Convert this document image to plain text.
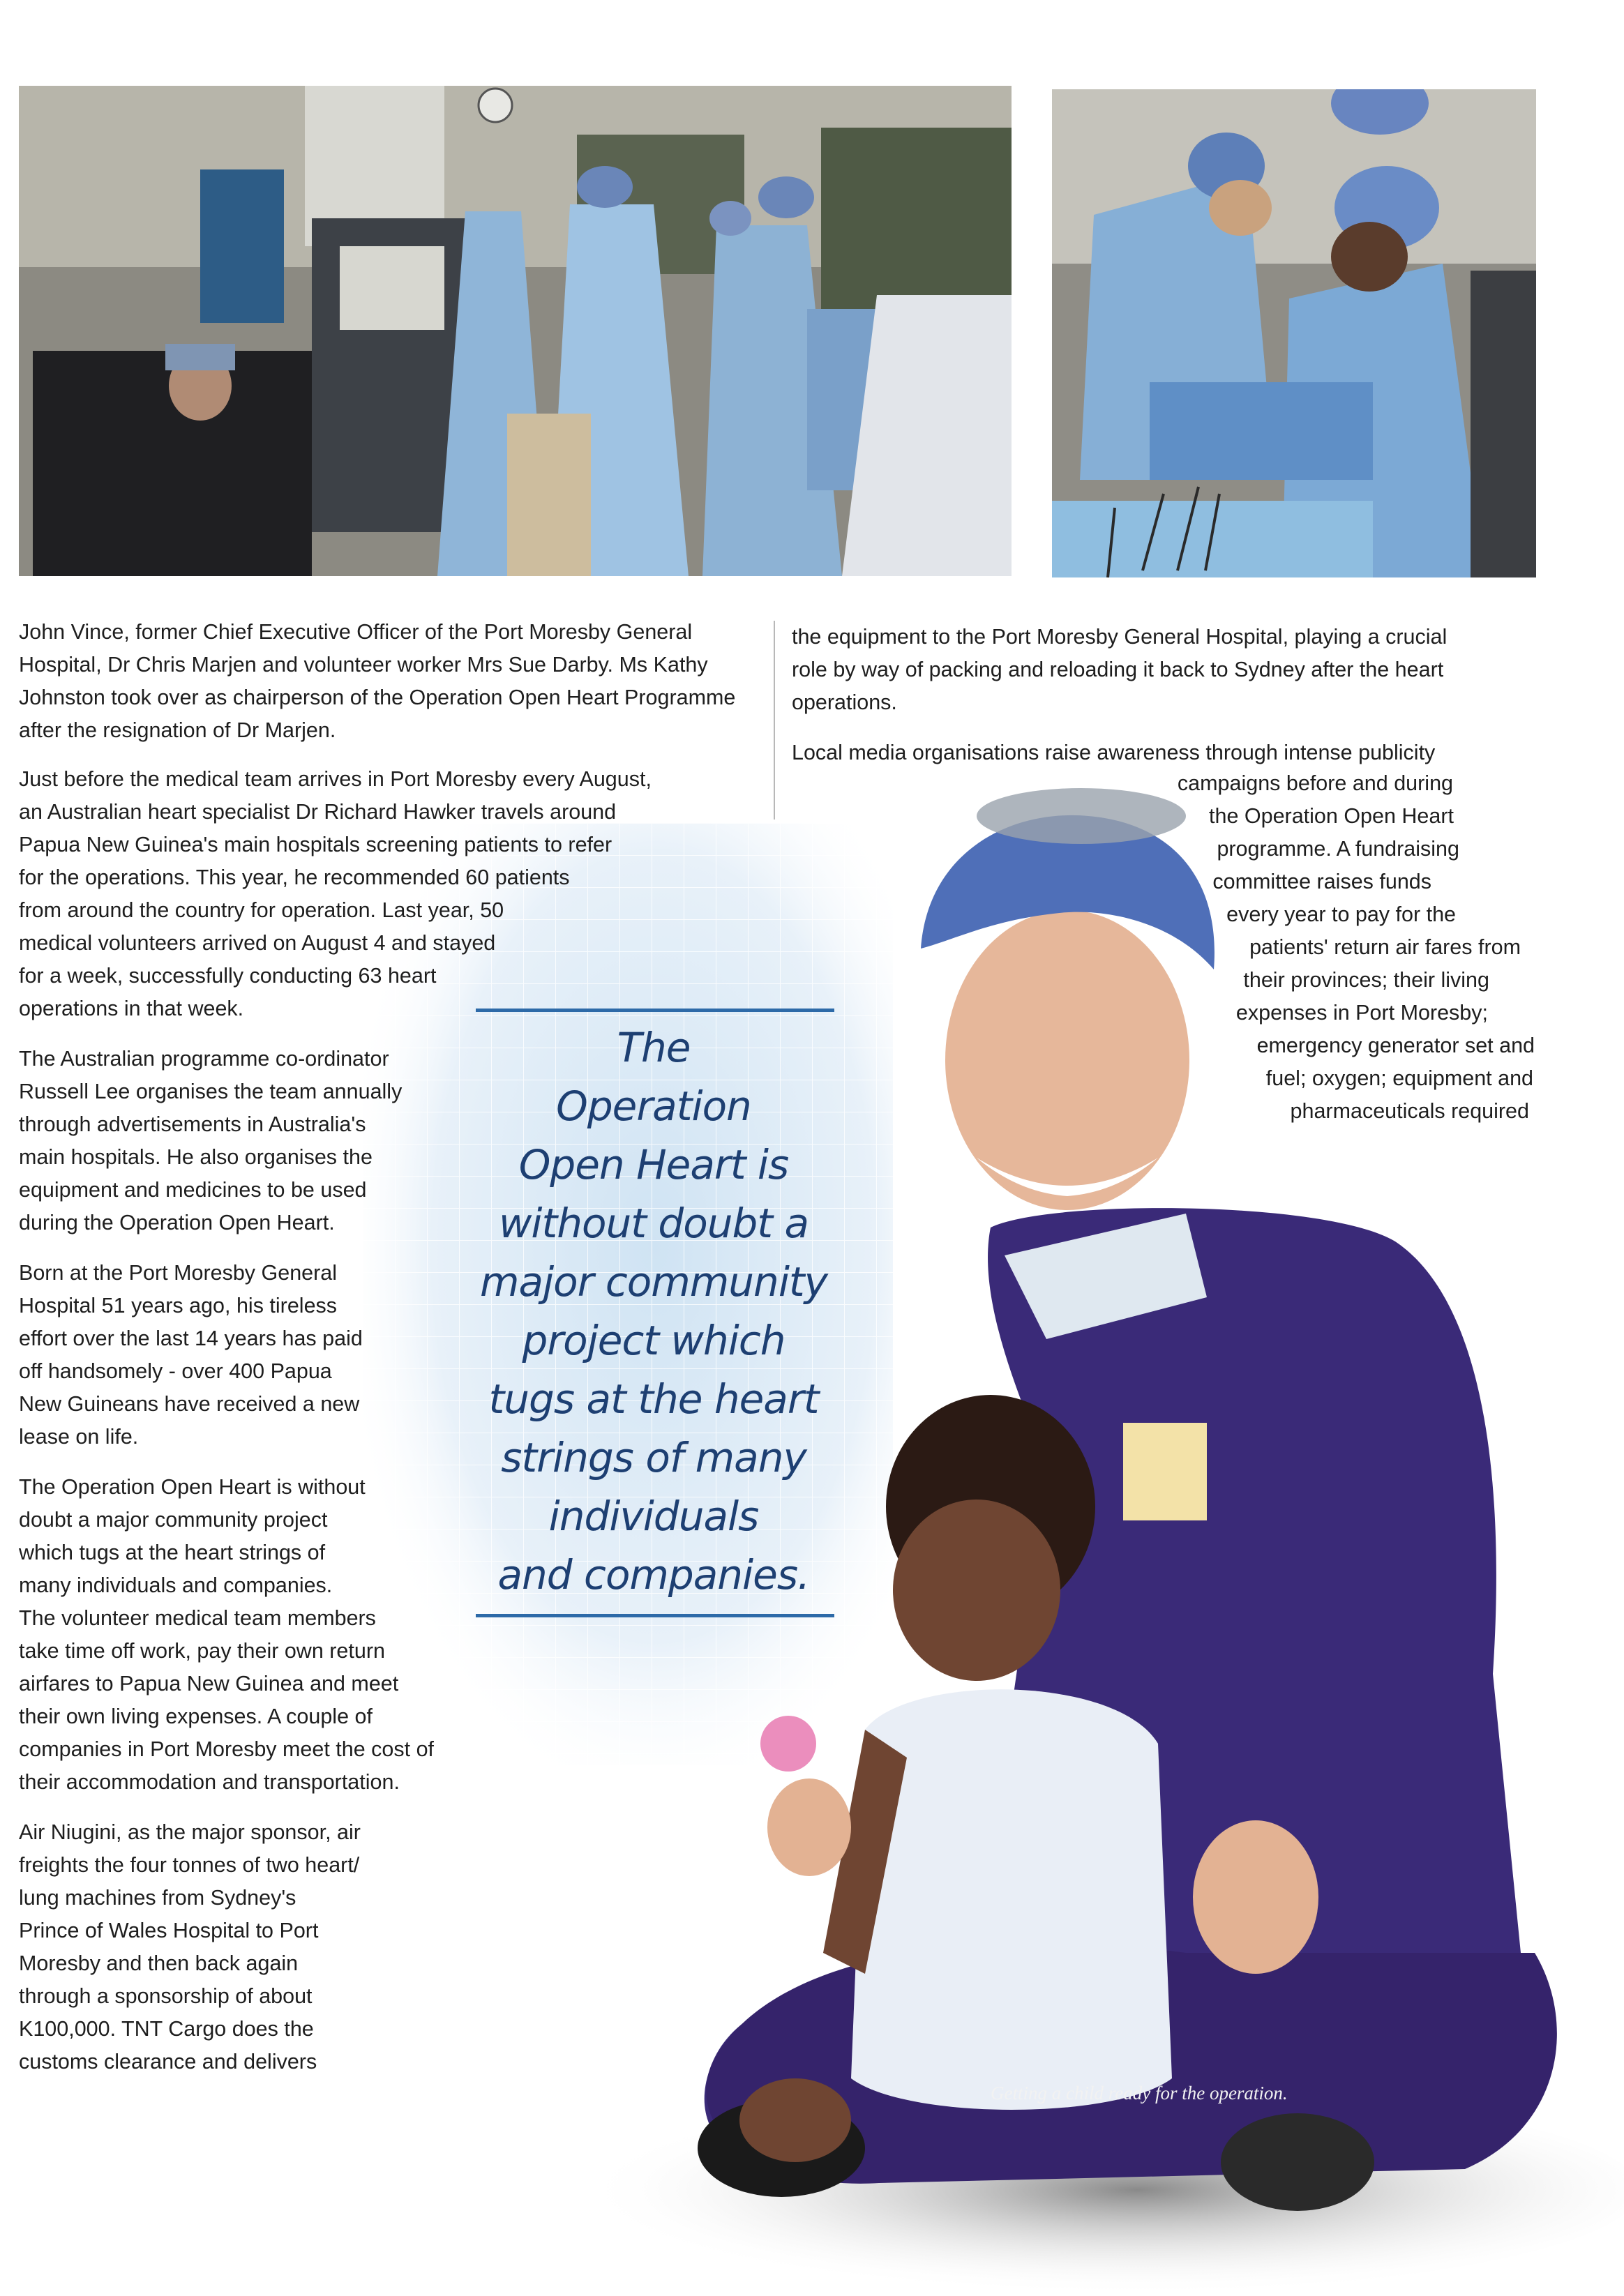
John Vince, former Chief Executive Officer of the Port Moresby General Hospital, Dr Chris Marjen and volunteer worker Mrs Sue Darby. Ms Kathy Johnston took over as chairperson of the Operation Open Heart Programme after the resignation of Dr Marjen.

the equipment to the Port Moresby General Hospital, playing a crucial
role by way of packing and reloading it back to Sydney after the heart
operations.
Local media organisations raise awareness through intense publicity
campaigns before and during
the Operation Open Heart
programme. A fundraising
committee raises funds
every year to pay for the
patients' return air fares from
their provinces; their living
expenses in Port Moresby;
emergency generator set and
fuel; oxygen; equipment and
pharmaceuticals required
Just before the medical team arrives in Port Moresby every August,
an Australian heart specialist Dr Richard Hawker travels around
Papua New Guinea's main hospitals screening patients to refer
for the operations. This year, he recommended 60 patients
from around the country for operation. Last year, 50
medical volunteers arrived on August 4 and stayed
for a week, successfully conducting 63 heart
operations in that week.
The Australian programme co-ordinator
Russell Lee organises the team annually
through advertisements in Australia's
main hospitals. He also organises the
equipment and medicines to be used
during the Operation Open Heart.
Born at the Port Moresby General
Hospital 51 years ago, his tireless
effort over the last 14 years has paid
off handsomely - over 400 Papua
New Guineans have received a new
lease on life.
The Operation Open Heart is without
doubt a major community project
which tugs at the heart strings of
many individuals and companies.
The volunteer medical team members
take time off work, pay their own return
airfares to Papua New Guinea and meet
their own living expenses. A couple of
companies in Port Moresby meet the cost of
their accommodation and transportation.
Air Niugini, as the major sponsor, air
freights the four tonnes of two heart/
lung machines from Sydney's
Prince of Wales Hospital to Port
Moresby and then back again
through a sponsorship of about
K100,000. TNT Cargo does the
customs clearance and delivers
The
Operation
Open Heart is
without doubt a
major community
project which
tugs at the heart
strings of many
individuals
and companies.
Getting a child ready for the operation.
